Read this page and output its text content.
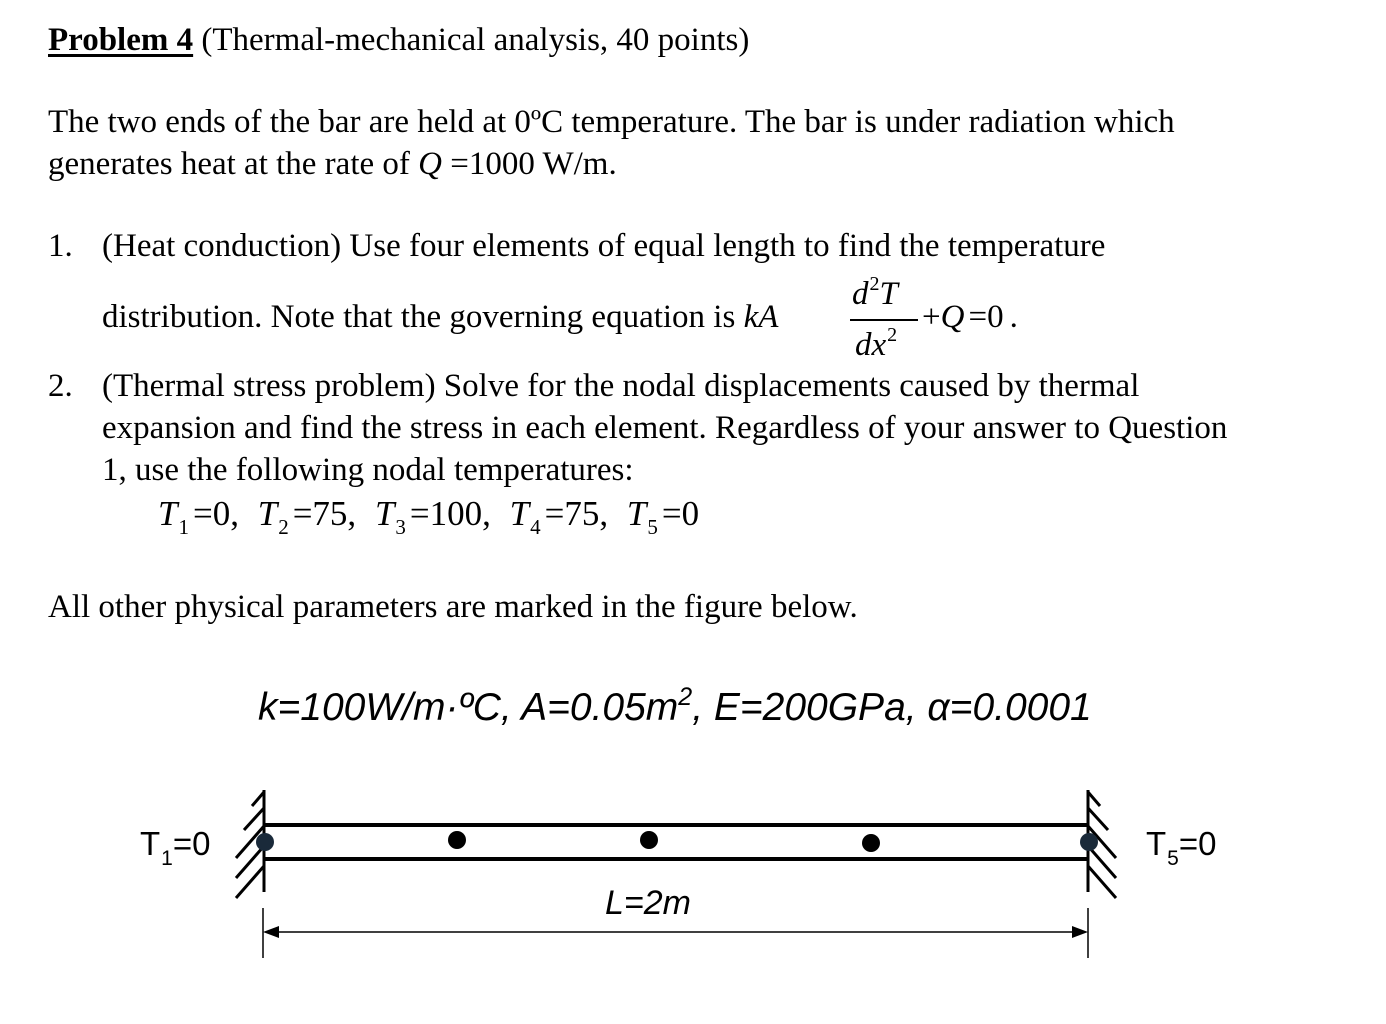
Problem 4 (Thermal-mechanical analysis, 40 points)
The two ends of the bar are held at 0ºC temperature. The bar is under radiation which
generates heat at the rate of Q =1000 W/m.
1. (Heat conduction) Use four elements of equal length to find the temperature
distribution. Note that the governing equation is kA
$d^2T$
$dx^2 +Q =0$ .
2. (Thermal stress problem) Solve for the nodal displacements caused by thermal
expansion and find the stress in each element. Regardless of your answer to Question
1, use the following nodal temperatures:
$T_1 =0$, $T_2 =75$, $T_3 =100$, $T_4 =75$, $T_5 =0$
All other physical parameters are marked in the figure below.
k=100W/m·ºC, $A=0.05m^2$, E=200GPa, α=0.0001
$T_1=0$	$T_5=0$
L=2m
